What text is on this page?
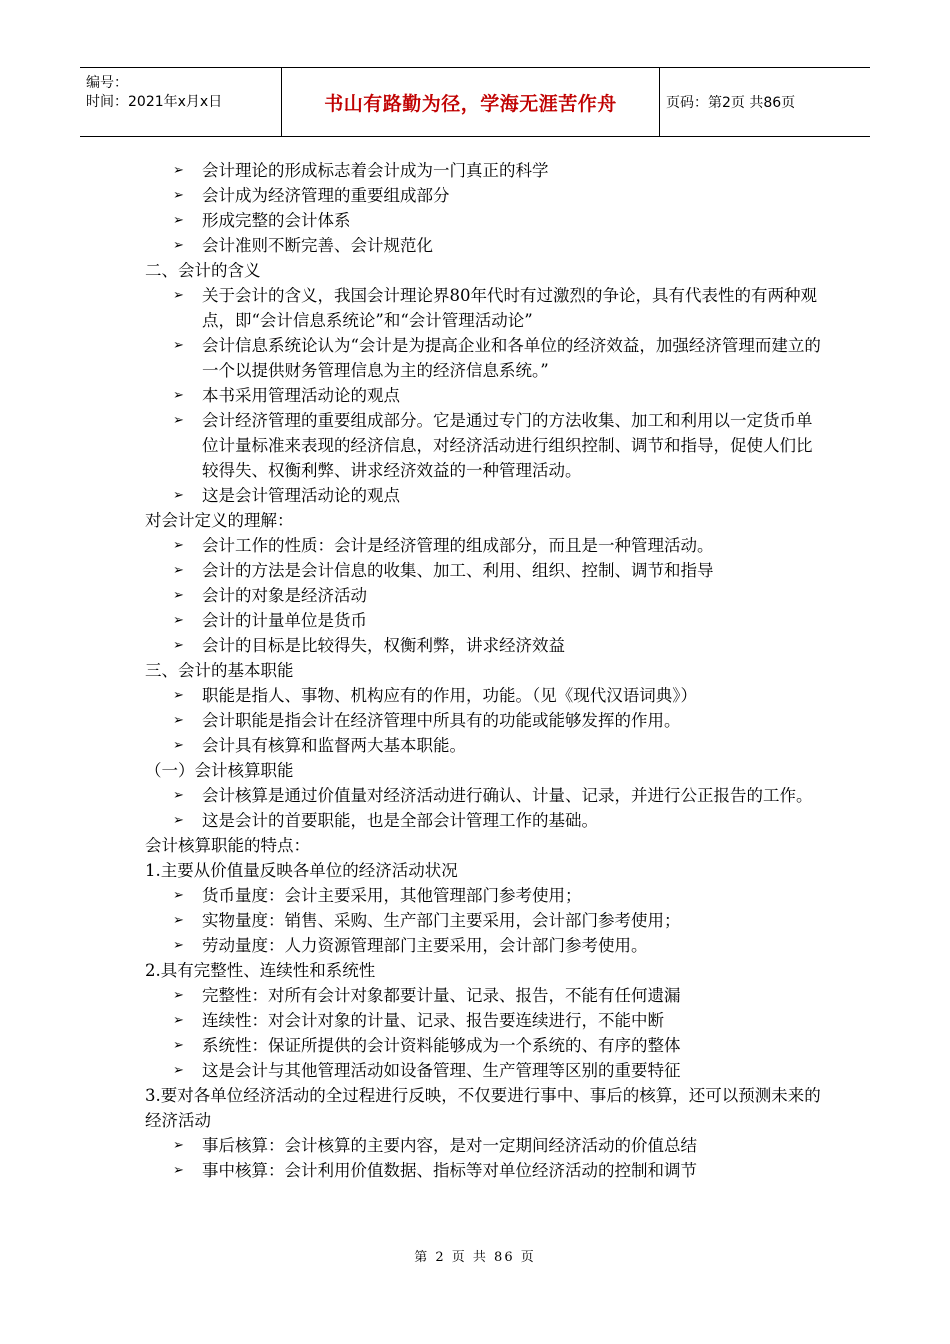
编号：
时间：2021年x月x日	书山有路勤为径，学海无涯苦作舟	页码：第2页 共86页
➢ 会计理论的形成标志着会计成为一门真正的科学
➢ 会计成为经济管理的重要组成部分
➢ 形成完整的会计体系
➢ 会计准则不断完善、会计规范化
二、会计的含义
➢ 关于会计的含义，我国会计理论界80年代时有过激烈的争论，具有代表性的有两种观点，即“会计信息系统论”和“会计管理活动论”
➢ 会计信息系统论认为“会计是为提高企业和各单位的经济效益，加强经济管理而建立的一个以提供财务管理信息为主的经济信息系统。”
➢ 本书采用管理活动论的观点
➢ 会计经济管理的重要组成部分。它是通过专门的方法收集、加工和利用以一定货币单位计量标准来表现的经济信息，对经济活动进行组织控制、调节和指导，促使人们比较得失、权衡利弊、讲求经济效益的一种管理活动。
➢ 这是会计管理活动论的观点
对会计定义的理解：
➢ 会计工作的性质：会计是经济管理的组成部分，而且是一种管理活动。
➢ 会计的方法是会计信息的收集、加工、利用、组织、控制、调节和指导
➢ 会计的对象是经济活动
➢ 会计的计量单位是货币
➢ 会计的目标是比较得失，权衡利弊，讲求经济效益
三、会计的基本职能
➢ 职能是指人、事物、机构应有的作用，功能。（见《现代汉语词典》）
➢ 会计职能是指会计在经济管理中所具有的功能或能够发挥的作用。
➢ 会计具有核算和监督两大基本职能。
（一）会计核算职能
➢ 会计核算是通过价值量对经济活动进行确认、计量、记录，并进行公正报告的工作。
➢ 这是会计的首要职能，也是全部会计管理工作的基础。
会计核算职能的特点：
1.主要从价值量反映各单位的经济活动状况
➢ 货币量度：会计主要采用，其他管理部门参考使用；
➢ 实物量度：销售、采购、生产部门主要采用，会计部门参考使用；
➢ 劳动量度：人力资源管理部门主要采用，会计部门参考使用。
2.具有完整性、连续性和系统性
➢ 完整性：对所有会计对象都要计量、记录、报告，不能有任何遗漏
➢ 连续性：对会计对象的计量、记录、报告要连续进行，不能中断
➢ 系统性：保证所提供的会计资料能够成为一个系统的、有序的整体
➢ 这是会计与其他管理活动如设备管理、生产管理等区别的重要特征
3.要对各单位经济活动的全过程进行反映，不仅要进行事中、事后的核算，还可以预测未来的经济活动
➢ 事后核算：会计核算的主要内容，是对一定期间经济活动的价值总结
➢ 事中核算：会计利用价值数据、指标等对单位经济活动的控制和调节
第 2 页 共 86 页
